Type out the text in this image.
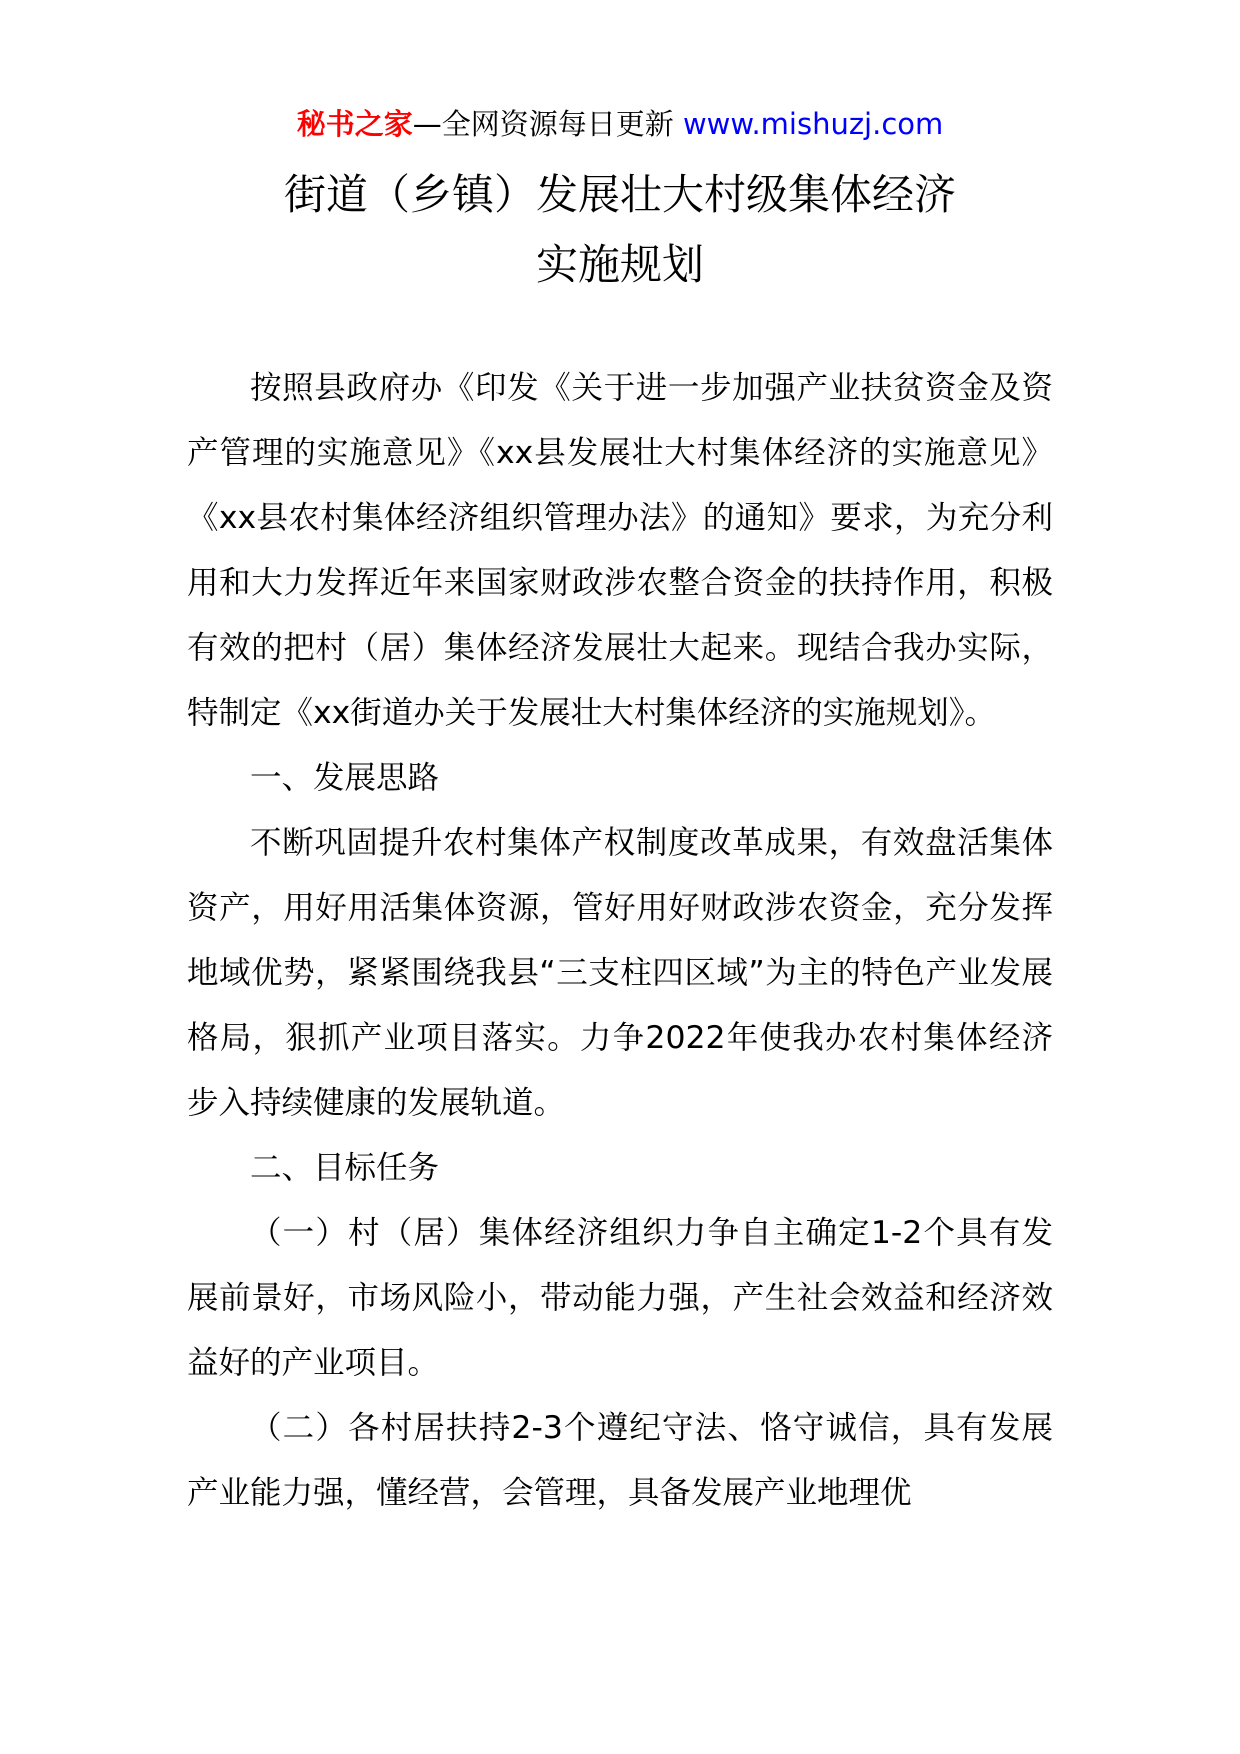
秘书之家—全网资源每日更新 www.mishuzj.com
街道（乡镇）发展壮大村级集体经济
实施规划

按照县政府办《印发《关于进一步加强产业扶贫资金及资产管理的实施意见》《xx县发展壮大村集体经济的实施意见》《xx县农村集体经济组织管理办法》的通知》要求，为充分利用和大力发挥近年来国家财政涉农整合资金的扶持作用，积极有效的把村（居）集体经济发展壮大起来。现结合我办实际，特制定《xx街道办关于发展壮大村集体经济的实施规划》。

一、发展思路

不断巩固提升农村集体产权制度改革成果，有效盘活集体资产，用好用活集体资源，管好用好财政涉农资金，充分发挥地域优势，紧紧围绕我县“三支柱四区域”为主的特色产业发展格局，狠抓产业项目落实。力争2022年使我办农村集体经济步入持续健康的发展轨道。

二、目标任务

（一）村（居）集体经济组织力争自主确定1-2个具有发展前景好，市场风险小，带动能力强，产生社会效益和经济效益好的产业项目。

（二）各村居扶持2-3个遵纪守法、恪守诚信，具有发展产业能力强，懂经营，会管理，具备发展产业地理优
